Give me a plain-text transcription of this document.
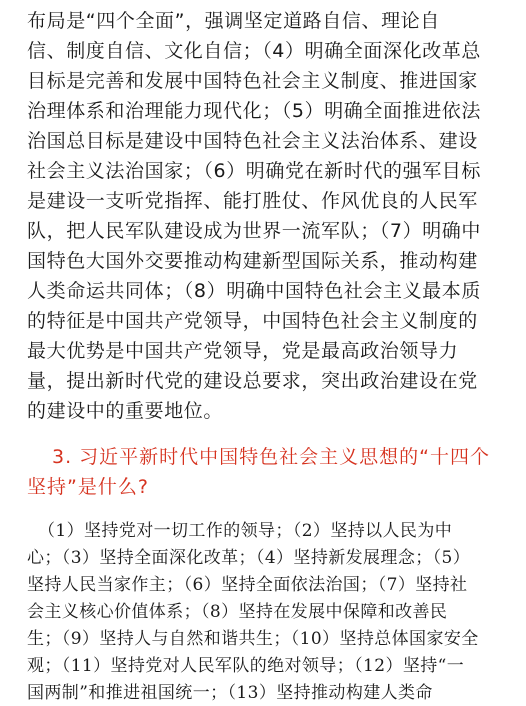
布局是“四个全面”，强调坚定道路自信、理论自
信、制度自信、文化自信；（4）明确全面深化改革总
目标是完善和发展中国特色社会主义制度、推进国家
治理体系和治理能力现代化；（5）明确全面推进依法
治国总目标是建设中国特色社会主义法治体系、建设
社会主义法治国家；（6）明确党在新时代的强军目标
是建设一支听党指挥、能打胜仗、作风优良的人民军
队，把人民军队建设成为世界一流军队；（7）明确中
国特色大国外交要推动构建新型国际关系，推动构建
人类命运共同体；（8）明确中国特色社会主义最本质
的特征是中国共产党领导，中国特色社会主义制度的
最大优势是中国共产党领导，党是最高政治领导力
量，提出新时代党的建设总要求，突出政治建设在党
的建设中的重要地位。
3. 习近平新时代中国特色社会主义思想的“十四个
坚持”是什么?
（1）坚持党对一切工作的领导；（2）坚持以人民为中
心；（3）坚持全面深化改革；（4）坚持新发展理念；（5）
坚持人民当家作主；（6）坚持全面依法治国；（7）坚持社
会主义核心价值体系；（8）坚持在发展中保障和改善民
生；（9）坚持人与自然和谐共生；（10）坚持总体国家安全
观；（11）坚持党对人民军队的绝对领导；（12）坚持“一
国两制”和推进祖国统一；（13）坚持推动构建人类命
